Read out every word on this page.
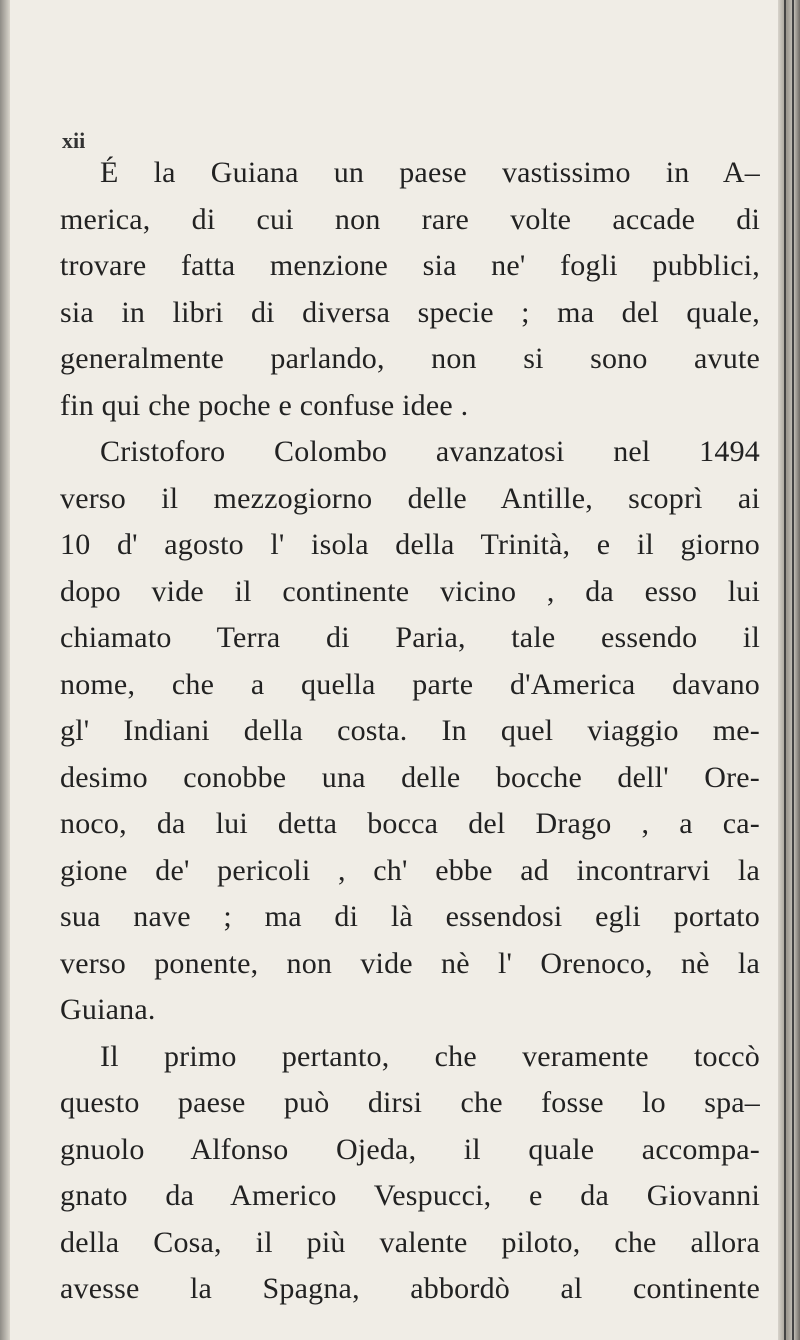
xii
É la Guiana un paese vastissimo in A–
merica, di cui non rare volte accade di
trovare fatta menzione sia ne' fogli pubblici,
sia in libri di diversa specie ; ma del quale,
generalmente parlando, non si sono avute
fin qui che poche e confuse idee .
Cristoforo Colombo avanzatosi nel 1494
verso il mezzogiorno delle Antille, scoprì ai
10 d' agosto l' isola della Trinità, e il giorno
dopo vide il continente vicino , da esso lui
chiamato Terra di Paria, tale essendo il
nome, che a quella parte d'America davano
gl' Indiani della costa. In quel viaggio me-
desimo conobbe una delle bocche dell' Ore-
noco, da lui detta bocca del Drago , a ca-
gione de' pericoli , ch' ebbe ad incontrarvi la
sua nave ; ma di là essendosi egli portato
verso ponente, non vide nè l' Orenoco, nè la
Guiana.
Il primo pertanto, che veramente toccò
questo paese può dirsi che fosse lo spa–
gnuolo Alfonso Ojeda, il quale accompa-
gnato da Americo Vespucci, e da Giovanni
della Cosa, il più valente piloto, che allora
avesse la Spagna, abbordò al continente
